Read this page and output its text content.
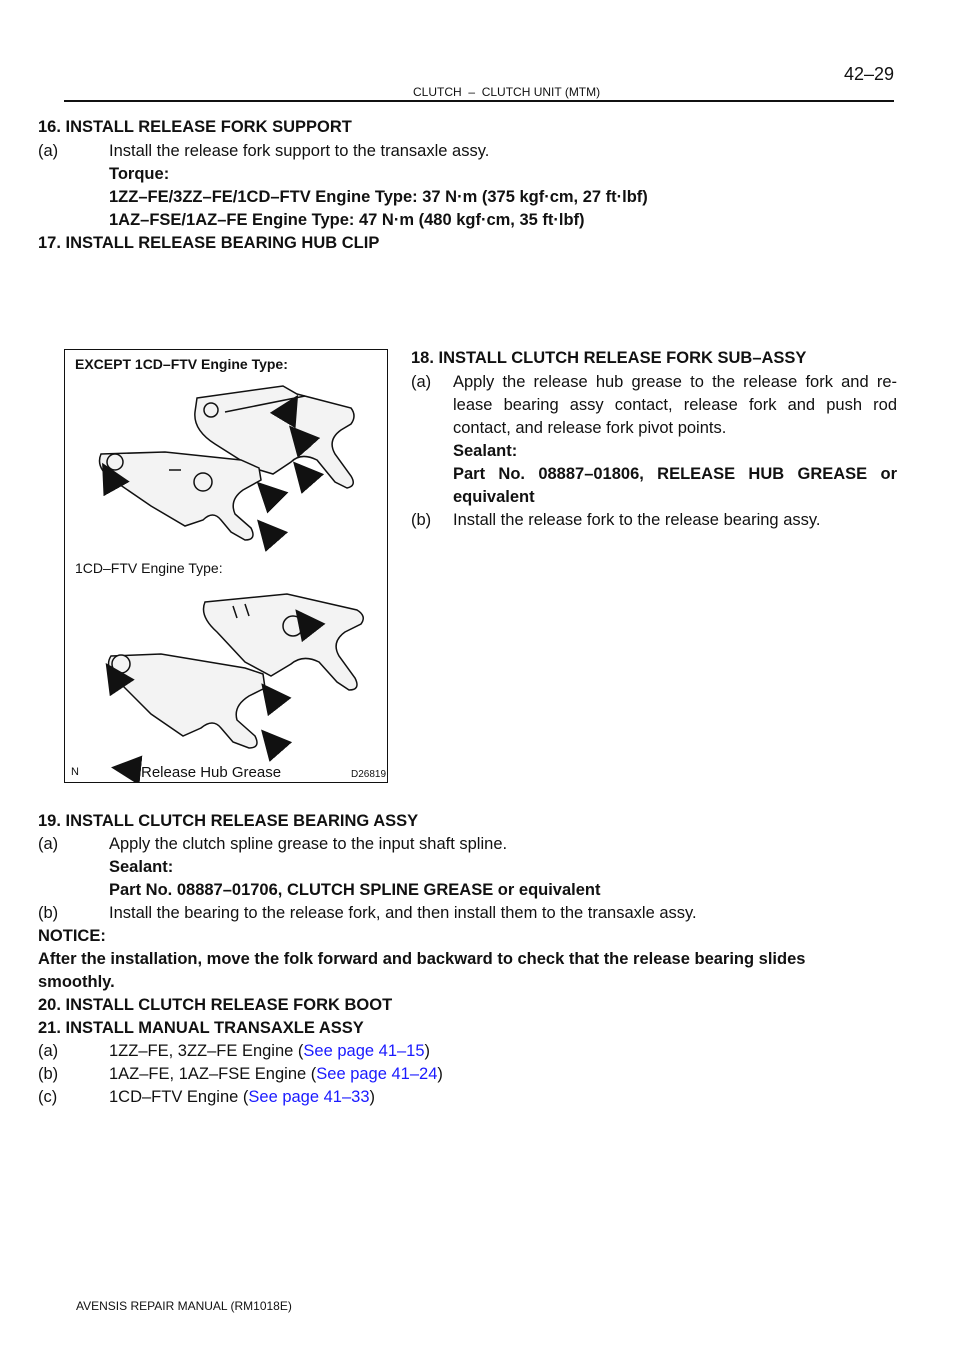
CLUTCH – CLUTCH UNIT (MTM)
42–29
16. INSTALL RELEASE FORK SUPPORT
(a)	Install the release fork support to the transaxle assy.
Torque:
1ZZ–FE/3ZZ–FE/1CD–FTV Engine Type: 37 N·m (375 kgf·cm, 27 ft·lbf)
1AZ–FSE/1AZ–FE Engine Type: 47 N·m (480 kgf·cm, 35 ft·lbf)
17. INSTALL RELEASE BEARING HUB CLIP
EXCEPT 1CD–FTV Engine Type:
1CD–FTV Engine Type:
N	Release Hub Grease	D26819
18. INSTALL CLUTCH RELEASE FORK SUB–ASSY
(a) Apply the release hub grease to the release fork and re-
lease bearing assy contact, release fork and push rod
contact, and release fork pivot points.
Sealant:
Part No. 08887–01806, RELEASE HUB GREASE or
equivalent
(b) Install the release fork to the release bearing assy.
19. INSTALL CLUTCH RELEASE BEARING ASSY
(a)	Apply the clutch spline grease to the input shaft spline.
Sealant:
Part No. 08887–01706, CLUTCH SPLINE GREASE or equivalent
(b)	Install the bearing to the release fork, and then install them to the transaxle assy.
NOTICE:
After the installation, move the folk forward and backward to check that the release bearing slides
smoothly.
20. INSTALL CLUTCH RELEASE FORK BOOT
21. INSTALL MANUAL TRANSAXLE ASSY
(a)	1ZZ–FE, 3ZZ–FE Engine (See page 41–15)
(b)	1AZ–FE, 1AZ–FSE Engine (See page 41–24)
(c)	1CD–FTV Engine (See page 41–33)
AVENSIS REPAIR MANUAL (RM1018E)
